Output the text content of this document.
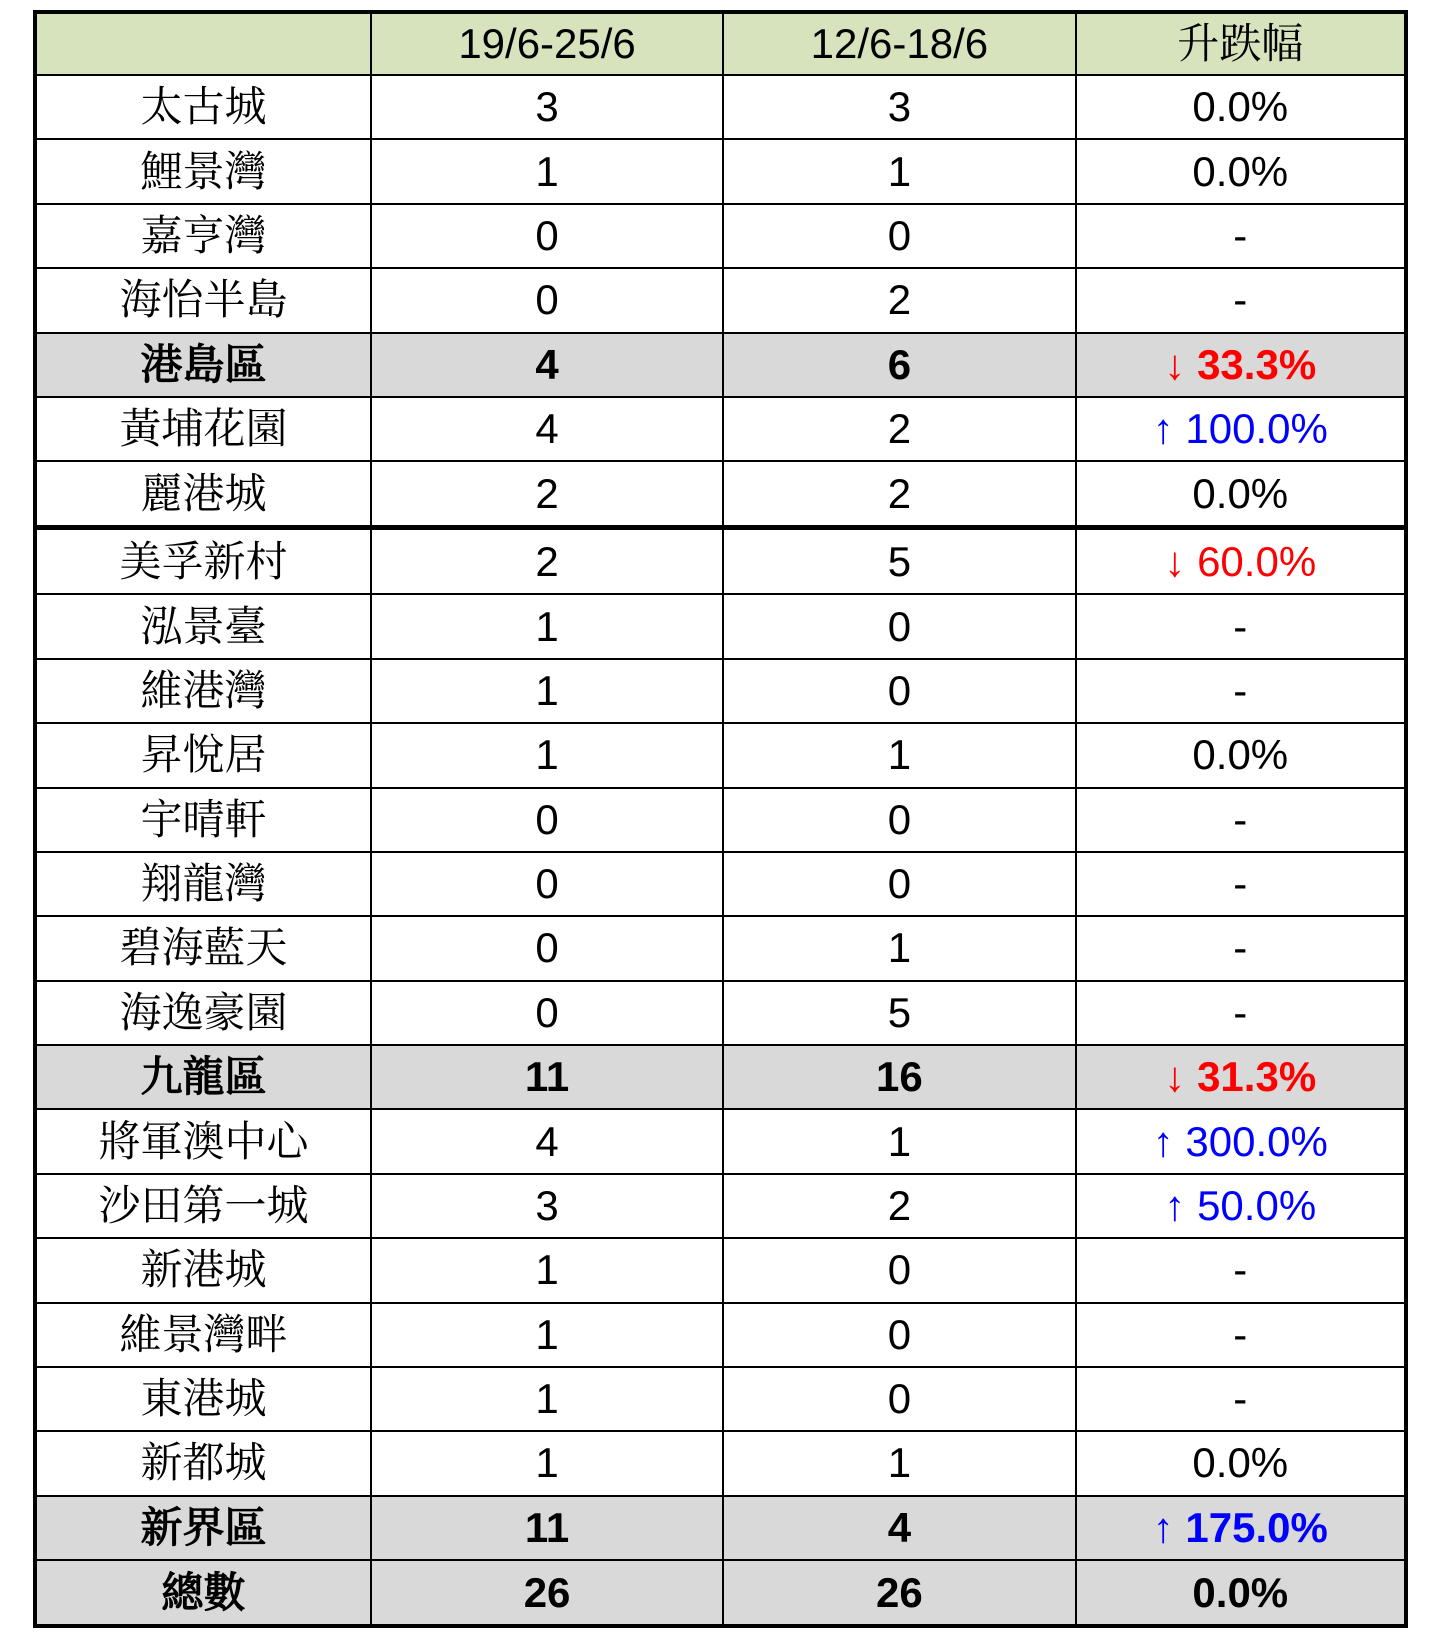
	19/6-25/6	12/6-18/6	升跌幅
太古城	3	3	0.0%
鯉景灣	1	1	0.0%
嘉亨灣	0	0	-
海怡半島	0	2	-
港島區	4	6	↓ 33.3%
黃埔花園	4	2	↑ 100.0%
麗港城	2	2	0.0%
美孚新村	2	5	↓ 60.0%
泓景臺	1	0	-
維港灣	1	0	-
昇悅居	1	1	0.0%
宇晴軒	0	0	-
翔龍灣	0	0	-
碧海藍天	0	1	-
海逸豪園	0	5	-
九龍區	11	16	↓ 31.3%
將軍澳中心	4	1	↑ 300.0%
沙田第一城	3	2	↑ 50.0%
新港城	1	0	-
維景灣畔	1	0	-
東港城	1	0	-
新都城	1	1	0.0%
新界區	11	4	↑ 175.0%
總數	26	26	0.0%
